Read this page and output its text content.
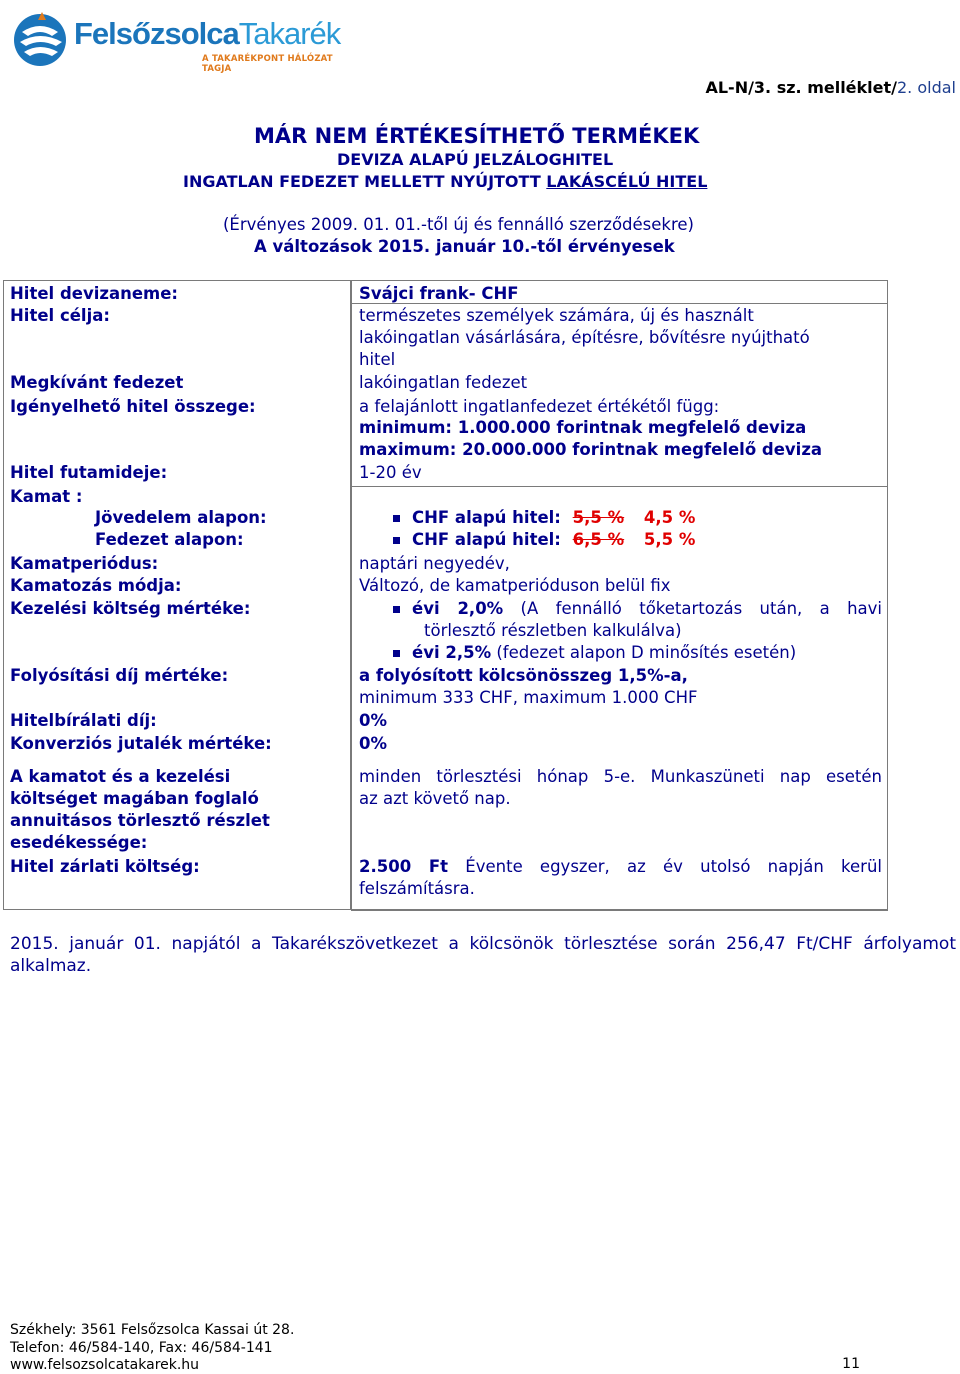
FelsőzsolcaTakarék
A TAKARÉKPONT HÁLÓZAT TAGJA
AL-N/3. sz. melléklet/2. oldal
MÁR NEM ÉRTÉKESÍTHETŐ TERMÉKEK
DEVIZA ALAPÚ JELZÁLOGHITEL
INGATLAN FEDEZET MELLETT NYÚJTOTT LAKÁSCÉLÚ HITEL
(Érvényes 2009. 01. 01.-től új és fennálló szerződésekre)
A változások 2015. január 10.-től érvényesek
Hitel devizaneme:
Hitel célja:
Megkívánt fedezet
Igényelhető hitel összege:
Hitel futamideje:
Kamat :
Jövedelem alapon:
Fedezet alapon:
Kamatperiódus:
Kamatozás módja:
Kezelési költség mértéke:
Folyósítási díj mértéke:
Hitelbírálati díj:
Konverziós jutalék mértéke:
A kamatot és a kezelési
költséget magában foglaló
annuitásos törlesztő részlet
esedékessége:
Hitel zárlati költség:
Svájci frank- CHF
természetes személyek számára, új és használt
lakóingatlan vásárlására, építésre, bővítésre nyújtható
hitel
lakóingatlan fedezet
a felajánlott ingatlanfedezet értékétől függ:
minimum: 1.000.000 forintnak megfelelő deviza
maximum: 20.000.000 forintnak megfelelő deviza
1-20 év
CHF alapú hitel: 5,5 % 4,5 %
CHF alapú hitel: 6,5 % 5,5 %
naptári negyedév,
Változó, de kamatperióduson belül fix
évi 2,0% (A fennálló tőketartozás után, a havi
törlesztő részletben kalkulálva)
évi 2,5% (fedezet alapon D minősítés esetén)
a folyósított kölcsönösszeg 1,5%-a,
minimum 333 CHF, maximum 1.000 CHF
0%
0%
minden törlesztési hónap 5-e. Munkaszüneti nap esetén
az azt követő nap.
2.500 Ft Évente egyszer, az év utolsó napján kerül
felszámításra.
2015. január 01. napjától a Takarékszövetkezet a kölcsönök törlesztése során 256,47 Ft/CHF árfolyamot alkalmaz.
Székhely: 3561 Felsőzsolca Kassai út 28.
Telefon: 46/584-140, Fax: 46/584-141
www.felsozsolcatakarek.hu	11
